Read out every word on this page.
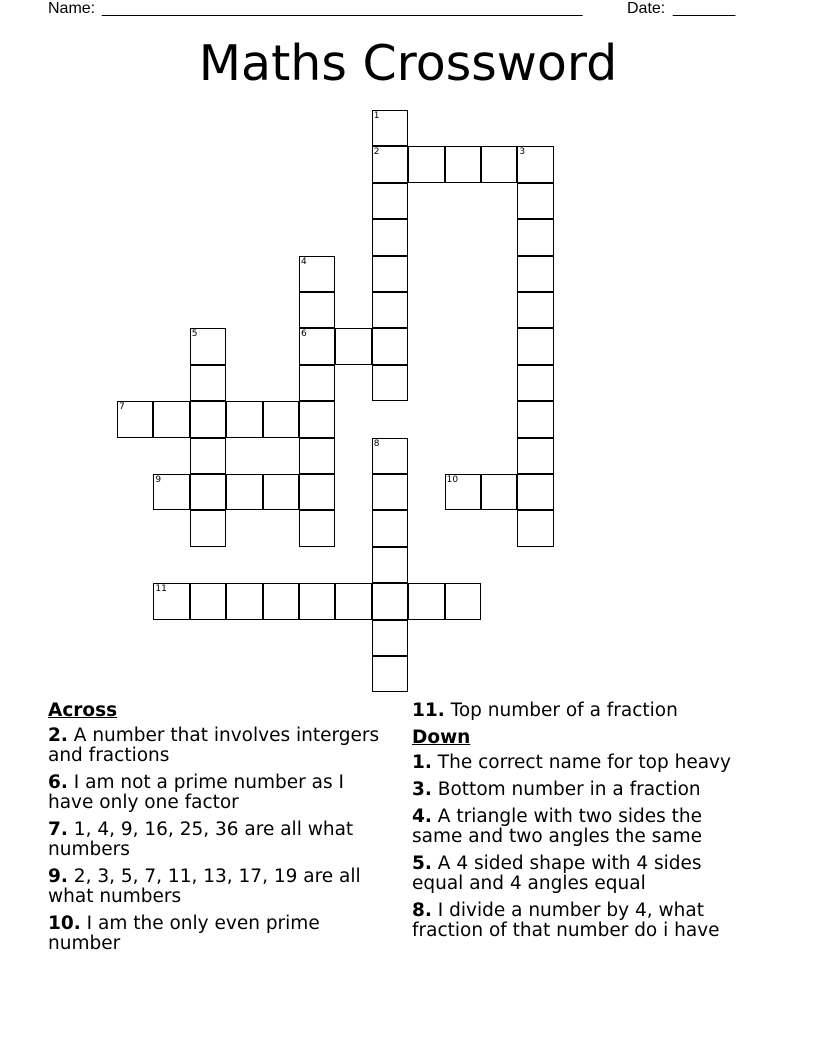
Name: ______________________________________________________	Date: _______
Maths Crossword
1
2	3
4
6
5
7
8
9	10
11
Across
2. A number that involves intergers and fractions
6. I am not a prime number as I have only one factor
7. 1, 4, 9, 16, 25, 36 are all what numbers
9. 2, 3, 5, 7, 11, 13, 17, 19 are all what numbers
10. I am the only even prime number
11. Top number of a fraction
Down
1. The correct name for top heavy
3. Bottom number in a fraction
4. A triangle with two sides the same and two angles the same
5. A 4 sided shape with 4 sides equal and 4 angles equal
8. I divide a number by 4, what fraction of that number do i have
